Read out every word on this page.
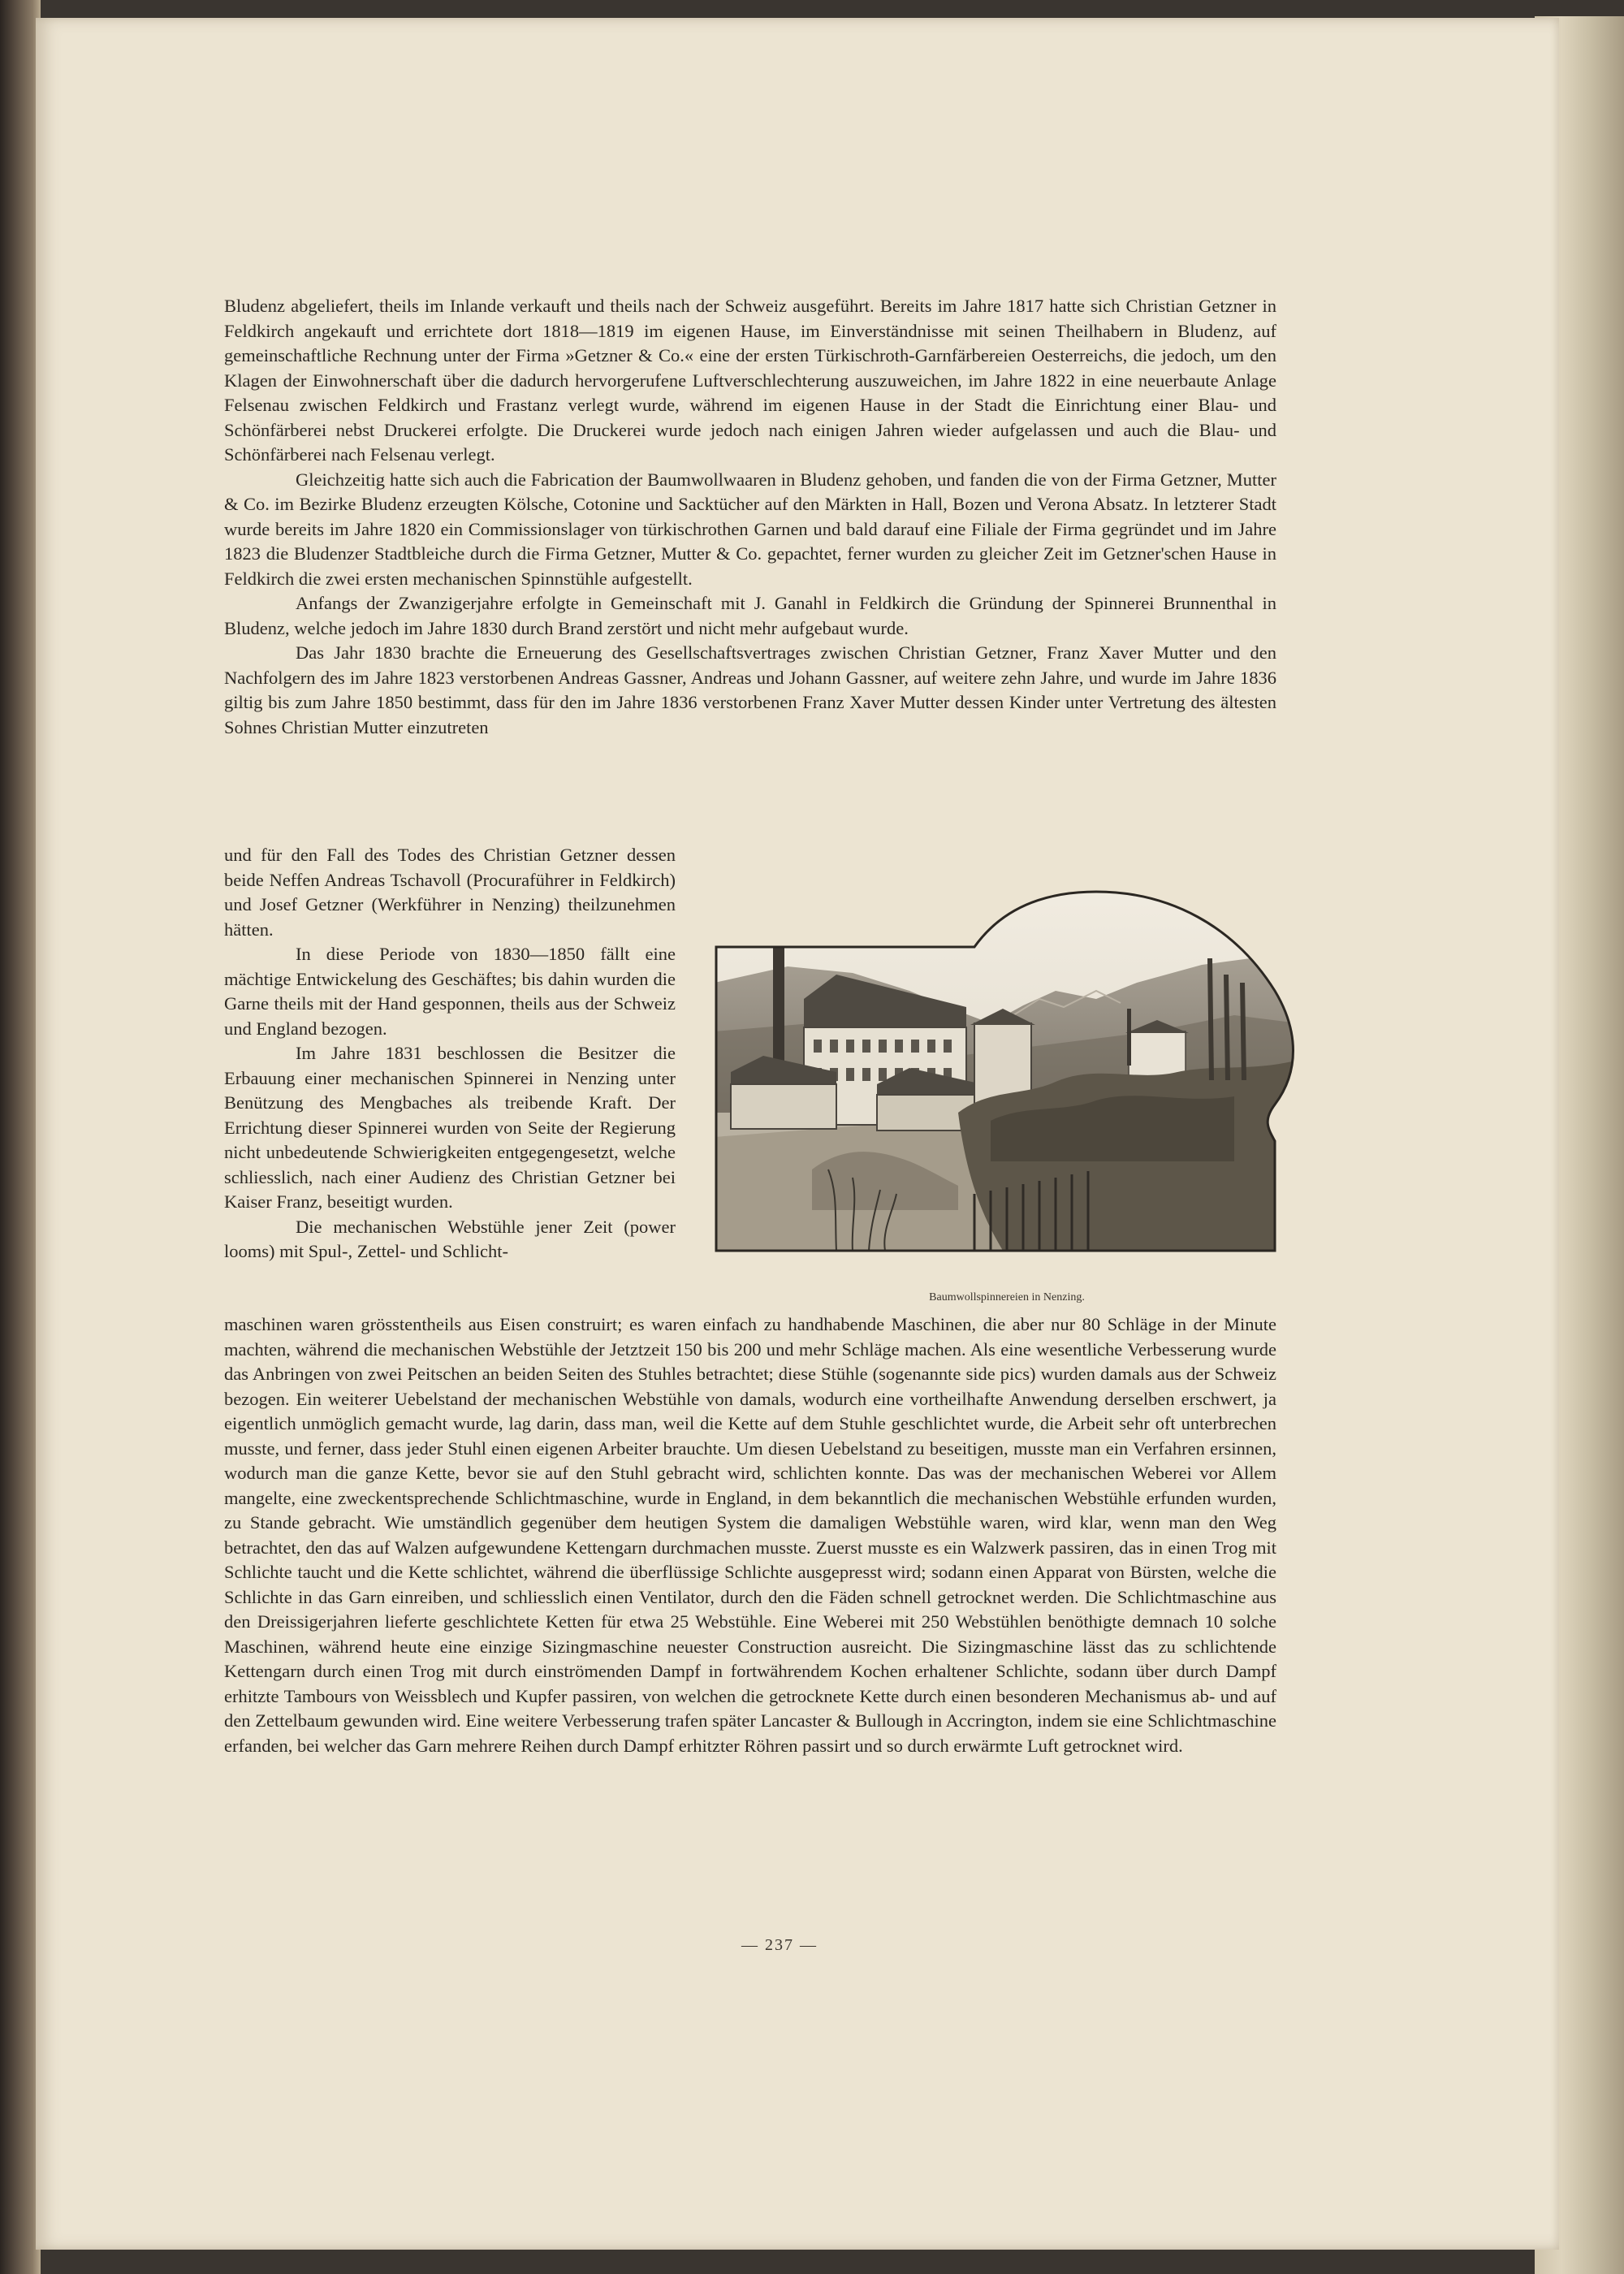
Bludenz abgeliefert, theils im Inlande verkauft und theils nach der Schweiz ausgeführt. Bereits im Jahre 1817 hatte sich Christian Getzner in Feldkirch angekauft und errichtete dort 1818—1819 im eigenen Hause, im Einverständnisse mit seinen Theilhabern in Bludenz, auf gemeinschaftliche Rechnung unter der Firma »Getzner & Co.« eine der ersten Türkischroth-Garnfärbereien Oesterreichs, die jedoch, um den Klagen der Einwohnerschaft über die dadurch hervorgerufene Luftverschlechterung auszuweichen, im Jahre 1822 in eine neuerbaute Anlage Felsenau zwischen Feldkirch und Frastanz verlegt wurde, während im eigenen Hause in der Stadt die Einrichtung einer Blau- und Schönfärberei nebst Druckerei erfolgte. Die Druckerei wurde jedoch nach einigen Jahren wieder aufgelassen und auch die Blau- und Schönfärberei nach Felsenau verlegt.

Gleichzeitig hatte sich auch die Fabrication der Baumwollwaaren in Bludenz gehoben, und fanden die von der Firma Getzner, Mutter & Co. im Bezirke Bludenz erzeugten Kölsche, Cotonine und Sacktücher auf den Märkten in Hall, Bozen und Verona Absatz. In letzterer Stadt wurde bereits im Jahre 1820 ein Commissionslager von türkischrothen Garnen und bald darauf eine Filiale der Firma gegründet und im Jahre 1823 die Bludenzer Stadtbleiche durch die Firma Getzner, Mutter & Co. gepachtet, ferner wurden zu gleicher Zeit im Getzner'schen Hause in Feldkirch die zwei ersten mechanischen Spinnstühle aufgestellt.

Anfangs der Zwanzigerjahre erfolgte in Gemeinschaft mit J. Ganahl in Feldkirch die Gründung der Spinnerei Brunnenthal in Bludenz, welche jedoch im Jahre 1830 durch Brand zerstört und nicht mehr aufgebaut wurde.

Das Jahr 1830 brachte die Erneuerung des Gesellschaftsvertrages zwischen Christian Getzner, Franz Xaver Mutter und den Nachfolgern des im Jahre 1823 verstorbenen Andreas Gassner, Andreas und Johann Gassner, auf weitere zehn Jahre, und wurde im Jahre 1836 giltig bis zum Jahre 1850 bestimmt, dass für den im Jahre 1836 verstorbenen Franz Xaver Mutter dessen Kinder unter Vertretung des ältesten Sohnes Christian Mutter einzutreten

und für den Fall des Todes des Christian Getzner dessen beide Neffen Andreas Tschavoll (Procuraführer in Feldkirch) und Josef Getzner (Werkführer in Nenzing) theilzunehmen hätten.

In diese Periode von 1830—1850 fällt eine mächtige Entwickelung des Geschäftes; bis dahin wurden die Garne theils mit der Hand gesponnen, theils aus der Schweiz und England bezogen.

Im Jahre 1831 beschlossen die Besitzer die Erbauung einer mechanischen Spinnerei in Nenzing unter Benützung des Mengbaches als treibende Kraft. Der Errichtung dieser Spinnerei wurden von Seite der Regierung nicht unbedeutende Schwierigkeiten entgegengesetzt, welche schliesslich, nach einer Audienz des Christian Getzner bei Kaiser Franz, beseitigt wurden.

Die mechanischen Webstühle jener Zeit (power looms) mit Spul-, Zettel- und Schlicht-

Baumwollspinnereien in Nenzing.

maschinen waren grösstentheils aus Eisen construirt; es waren einfach zu handhabende Maschinen, die aber nur 80 Schläge in der Minute machten, während die mechanischen Webstühle der Jetztzeit 150 bis 200 und mehr Schläge machen. Als eine wesentliche Verbesserung wurde das Anbringen von zwei Peitschen an beiden Seiten des Stuhles betrachtet; diese Stühle (sogenannte side pics) wurden damals aus der Schweiz bezogen. Ein weiterer Uebelstand der mechanischen Webstühle von damals, wodurch eine vortheilhafte Anwendung derselben erschwert, ja eigentlich unmöglich gemacht wurde, lag darin, dass man, weil die Kette auf dem Stuhle geschlichtet wurde, die Arbeit sehr oft unterbrechen musste, und ferner, dass jeder Stuhl einen eigenen Arbeiter brauchte. Um diesen Uebelstand zu beseitigen, musste man ein Verfahren ersinnen, wodurch man die ganze Kette, bevor sie auf den Stuhl gebracht wird, schlichten konnte. Das was der mechanischen Weberei vor Allem mangelte, eine zweckentsprechende Schlichtmaschine, wurde in England, in dem bekanntlich die mechanischen Webstühle erfunden wurden, zu Stande gebracht. Wie umständlich gegenüber dem heutigen System die damaligen Webstühle waren, wird klar, wenn man den Weg betrachtet, den das auf Walzen aufgewundene Kettengarn durchmachen musste. Zuerst musste es ein Walzwerk passiren, das in einen Trog mit Schlichte taucht und die Kette schlichtet, während die überflüssige Schlichte ausgepresst wird; sodann einen Apparat von Bürsten, welche die Schlichte in das Garn einreiben, und schliesslich einen Ventilator, durch den die Fäden schnell getrocknet werden. Die Schlichtmaschine aus den Dreissigerjahren lieferte geschlichtete Ketten für etwa 25 Webstühle. Eine Weberei mit 250 Webstühlen benöthigte demnach 10 solche Maschinen, während heute eine einzige Sizingmaschine neuester Construction ausreicht. Die Sizingmaschine lässt das zu schlichtende Kettengarn durch einen Trog mit durch einströmenden Dampf in fortwährendem Kochen erhaltener Schlichte, sodann über durch Dampf erhitzte Tambours von Weissblech und Kupfer passiren, von welchen die getrocknete Kette durch einen besonderen Mechanismus ab- und auf den Zettelbaum gewunden wird. Eine weitere Verbesserung trafen später Lancaster & Bullough in Accrington, indem sie eine Schlichtmaschine erfanden, bei welcher das Garn mehrere Reihen durch Dampf erhitzter Röhren passirt und so durch erwärmte Luft getrocknet wird.

— 237 —
